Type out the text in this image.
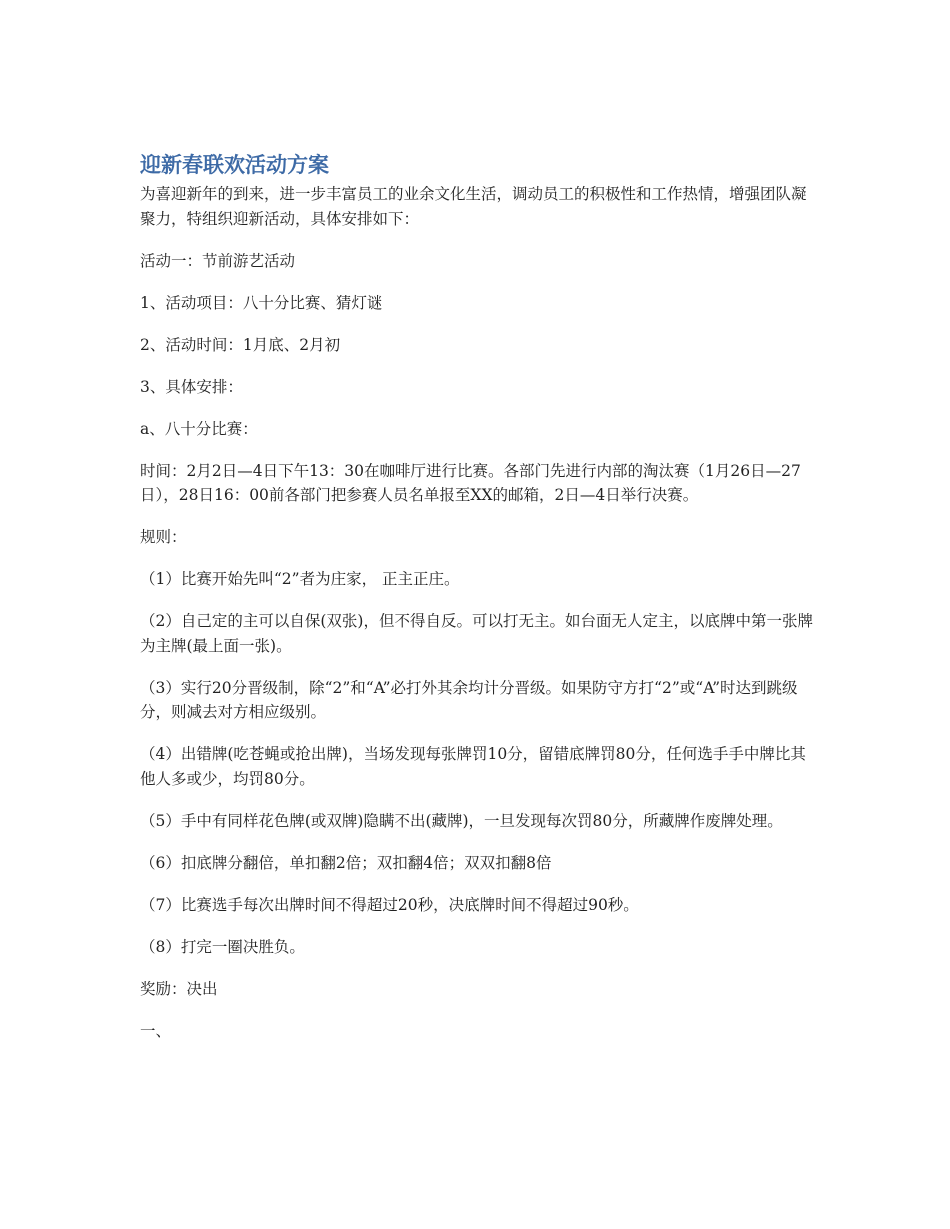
迎新春联欢活动方案

为喜迎新年的到来，进一步丰富员工的业余文化生活，调动员工的积极性和工作热情，增强团队凝聚力，特组织迎新活动，具体安排如下：

活动一：节前游艺活动

1、活动项目：八十分比赛、猜灯谜

2、活动时间：1月底、2月初

3、具体安排：

a、八十分比赛：

时间：2月2日—4日下午13：30在咖啡厅进行比赛。各部门先进行内部的淘汰赛（1月26日—27日），28日16：00前各部门把参赛人员名单报至XX的邮箱，2日—4日举行决赛。

规则：

（1）比赛开始先叫“2”者为庄家， 正主正庄。

（2）自己定的主可以自保(双张)，但不得自反。可以打无主。如台面无人定主，以底牌中第一张牌为主牌(最上面一张)。

（3）实行20分晋级制，除“2”和“A”必打外其余均计分晋级。如果防守方打“2”或“A”时达到跳级分，则减去对方相应级别。

（4）出错牌(吃苍蝇或抢出牌)，当场发现每张牌罚10分，留错底牌罚80分，任何选手手中牌比其他人多或少，均罚80分。

（5）手中有同样花色牌(或双牌)隐瞒不出(藏牌)，一旦发现每次罚80分，所藏牌作废牌处理。

（6）扣底牌分翻倍，单扣翻2倍；双扣翻4倍；双双扣翻8倍

（7）比赛选手每次出牌时间不得超过20秒，决底牌时间不得超过90秒。

（8）打完一圈决胜负。

奖励：决出

一、
